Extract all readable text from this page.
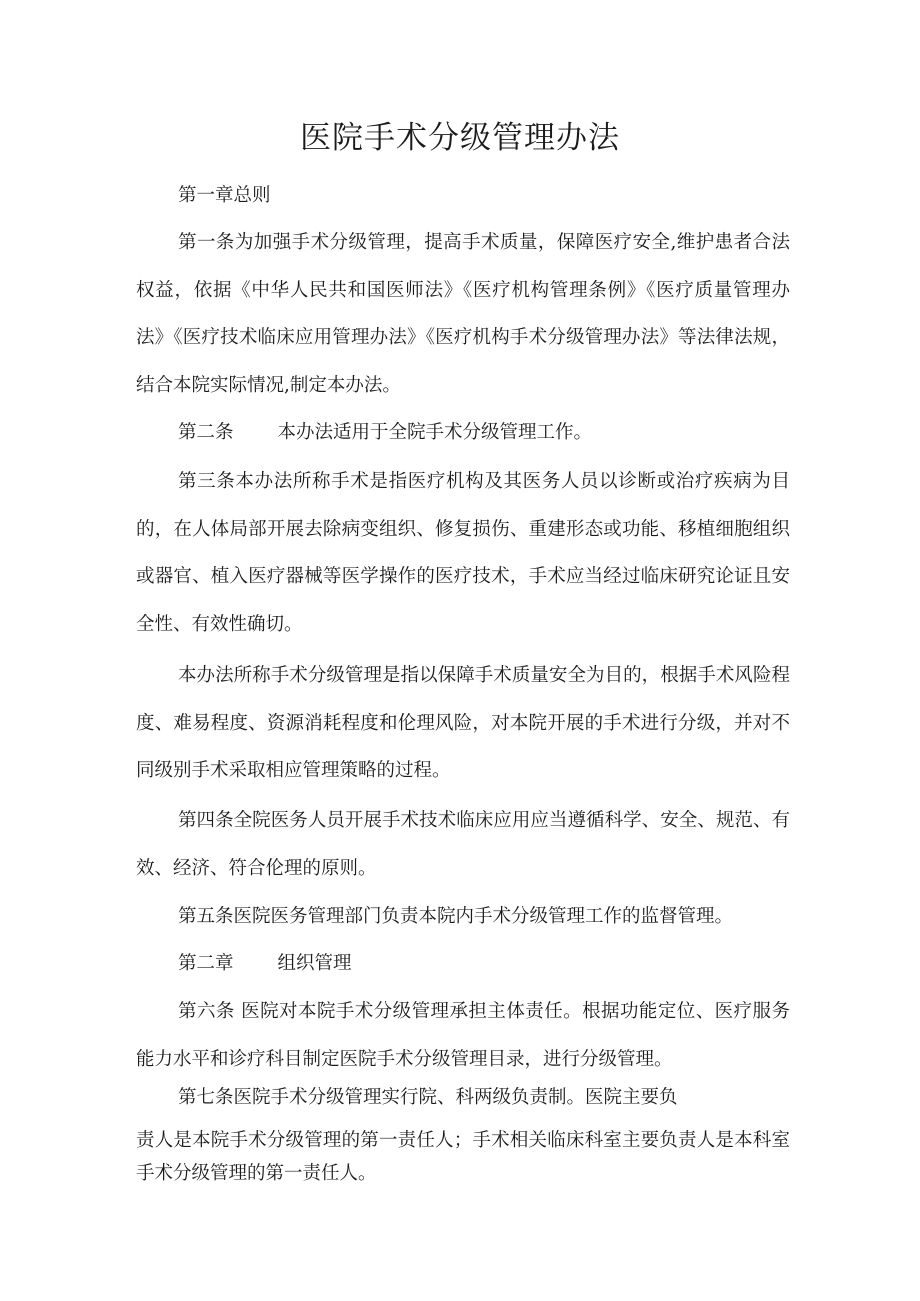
医院手术分级管理办法

第一章总则

第一条为加强手术分级管理，提高手术质量，保障医疗安全,维护患者合法权益，依据《中华人民共和国医师法》《医疗机构管理条例》《医疗质量管理办法》《医疗技术临床应用管理办法》《医疗机构手术分级管理办法》等法律法规，结合本院实际情况,制定本办法。

第二条 本办法适用于全院手术分级管理工作。

第三条本办法所称手术是指医疗机构及其医务人员以诊断或治疗疾病为目的，在人体局部开展去除病变组织、修复损伤、重建形态或功能、移植细胞组织或器官、植入医疗器械等医学操作的医疗技术，手术应当经过临床研究论证且安全性、有效性确切。

本办法所称手术分级管理是指以保障手术质量安全为目的，根据手术风险程度、难易程度、资源消耗程度和伦理风险，对本院开展的手术进行分级，并对不同级别手术采取相应管理策略的过程。

第四条全院医务人员开展手术技术临床应用应当遵循科学、安全、规范、有效、经济、符合伦理的原则。

第五条医院医务管理部门负责本院内手术分级管理工作的监督管理。

第二章 组织管理

第六条 医院对本院手术分级管理承担主体责任。根据功能定位、医疗服务能力水平和诊疗科目制定医院手术分级管理目录，进行分级管理。

第七条医院手术分级管理实行院、科两级负责制。医院主要负

责人是本院手术分级管理的第一责任人；手术相关临床科室主要负责人是本科室手术分级管理的第一责任人。
